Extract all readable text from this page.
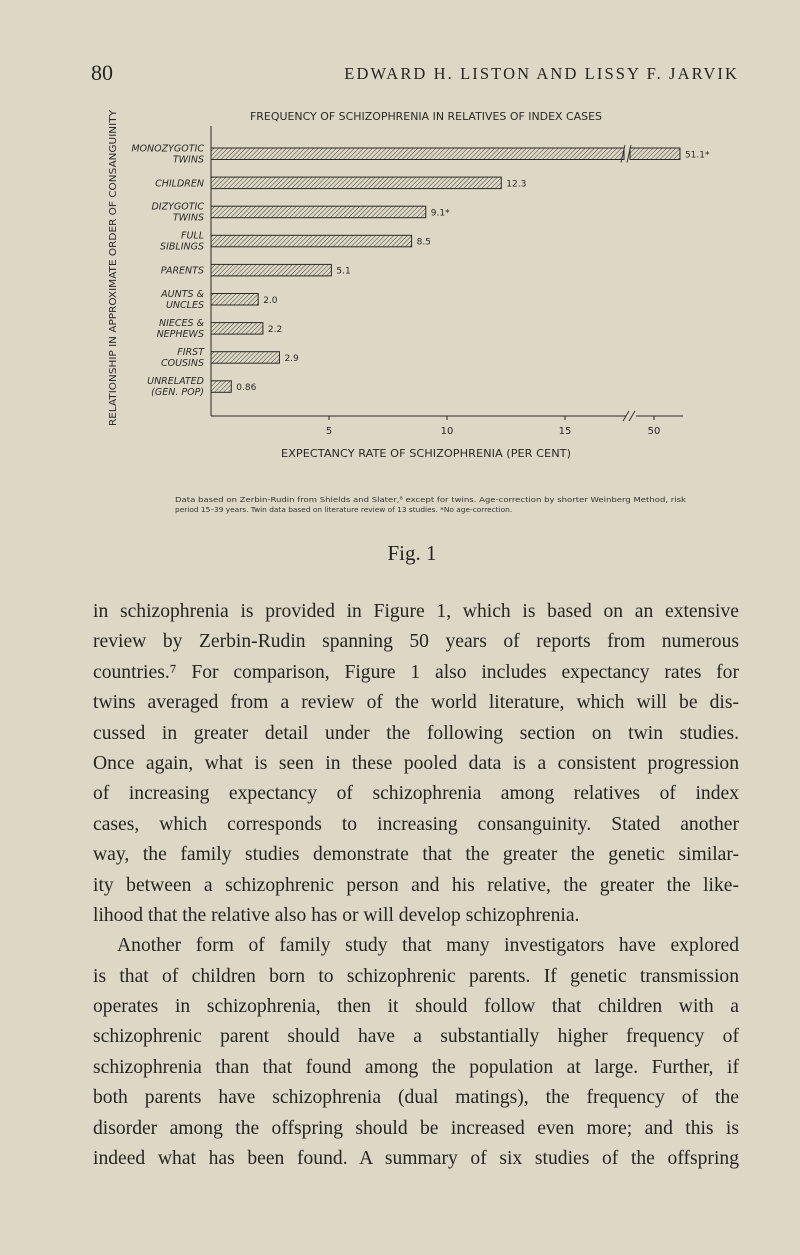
80	EDWARD H. LISTON AND LISSY F. JARVIK
FREQUENCY OF SCHIZOPHRENIA IN RELATIVES OF INDEX CASES
RELATIONSHIP IN APPROXIMATE ORDER OF CONSANGUINITY
EXPECTANCY RATE OF SCHIZOPHRENIA (PER CENT)
5	10	15	50
51.1*
MONOZYGOTIC
TWINS
12.3
CHILDREN
9.1*
DIZYGOTIC
TWINS
8.5
FULL
SIBLINGS
5.1
PARENTS
2.0
AUNTS &
UNCLES
2.2
NIECES &
NEPHEWS
2.9
FIRST
COUSINS
0.86
UNRELATED
(GEN. POP)
Data based on Zerbin-Rudin from Shields and Slater,⁸ except for twins. Age-correction by shorter Weinberg Method, risk
period 15–39 years. Twin data based on literature review of 13 studies. *No age-correction.
Fig. 1
in schizophrenia is provided in Figure 1, which is based on an extensive
review by Zerbin-Rudin spanning 50 years of reports from numerous
countries.⁷ For comparison, Figure 1 also includes expectancy rates for
twins averaged from a review of the world literature, which will be dis-
cussed in greater detail under the following section on twin studies.
Once again, what is seen in these pooled data is a consistent progression
of increasing expectancy of schizophrenia among relatives of index
cases, which corresponds to increasing consanguinity. Stated another
way, the family studies demonstrate that the greater the genetic similar-
ity between a schizophrenic person and his relative, the greater the like-
lihood that the relative also has or will develop schizophrenia.
Another form of family study that many investigators have explored
is that of children born to schizophrenic parents. If genetic transmission
operates in schizophrenia, then it should follow that children with a
schizophrenic parent should have a substantially higher frequency of
schizophrenia than that found among the population at large. Further, if
both parents have schizophrenia (dual matings), the frequency of the
disorder among the offspring should be increased even more; and this is
indeed what has been found. A summary of six studies of the offspring
